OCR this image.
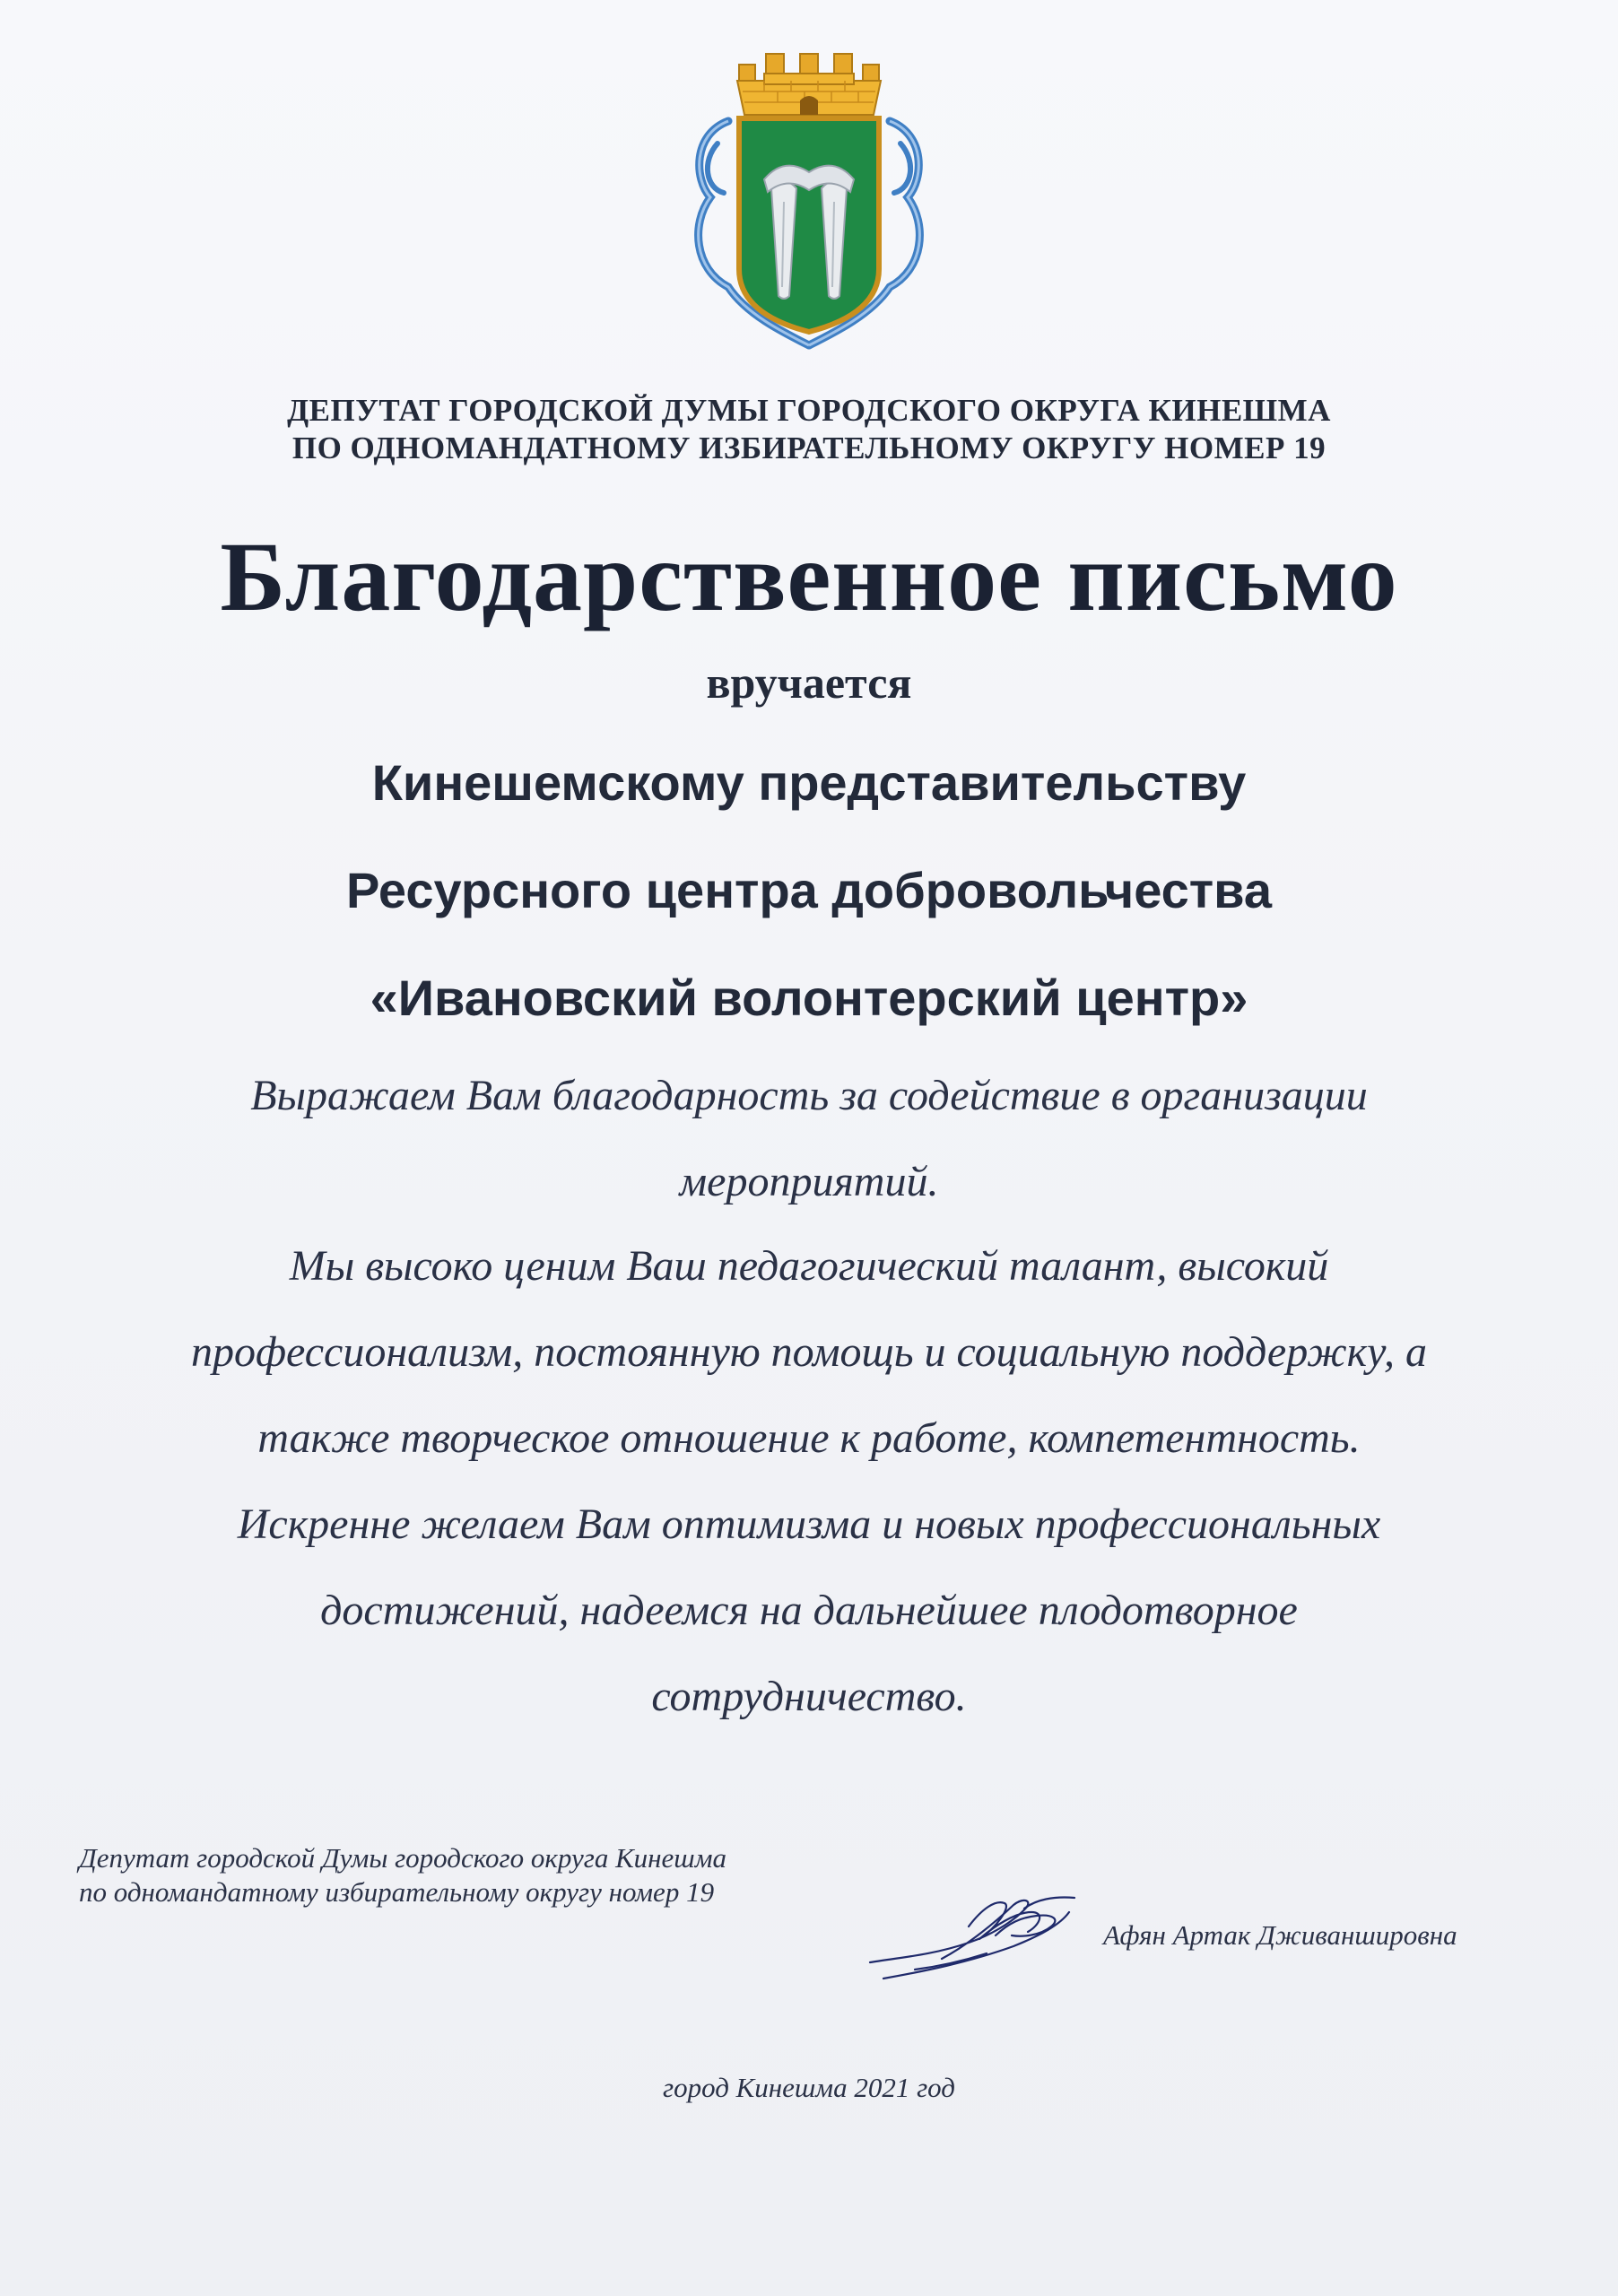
ДЕПУТАТ ГОРОДСКОЙ ДУМЫ ГОРОДСКОГО ОКРУГА КИНЕШМА
ПО ОДНОМАНДАТНОМУ ИЗБИРАТЕЛЬНОМУ ОКРУГУ НОМЕР 19
Благодарственное письмо
вручается
Кинешемскому представительству
Ресурсного центра добровольчества
«Ивановский волонтерский центр»
Выражаем Вам благодарность за содействие в организации
мероприятий.
Мы высоко ценим Ваш педагогический талант, высокий
профессионализм, постоянную помощь и социальную поддержку, а
также творческое отношение к работе, компетентность.
Искренне желаем Вам оптимизма и новых профессиональных
достижений, надеемся на дальнейшее плодотворное
сотрудничество.
Депутат городской Думы городского округа Кинешма
по одномандатному избирательному округу номер 19
Афян Артак Дживаншировна
город Кинешма 2021 год
